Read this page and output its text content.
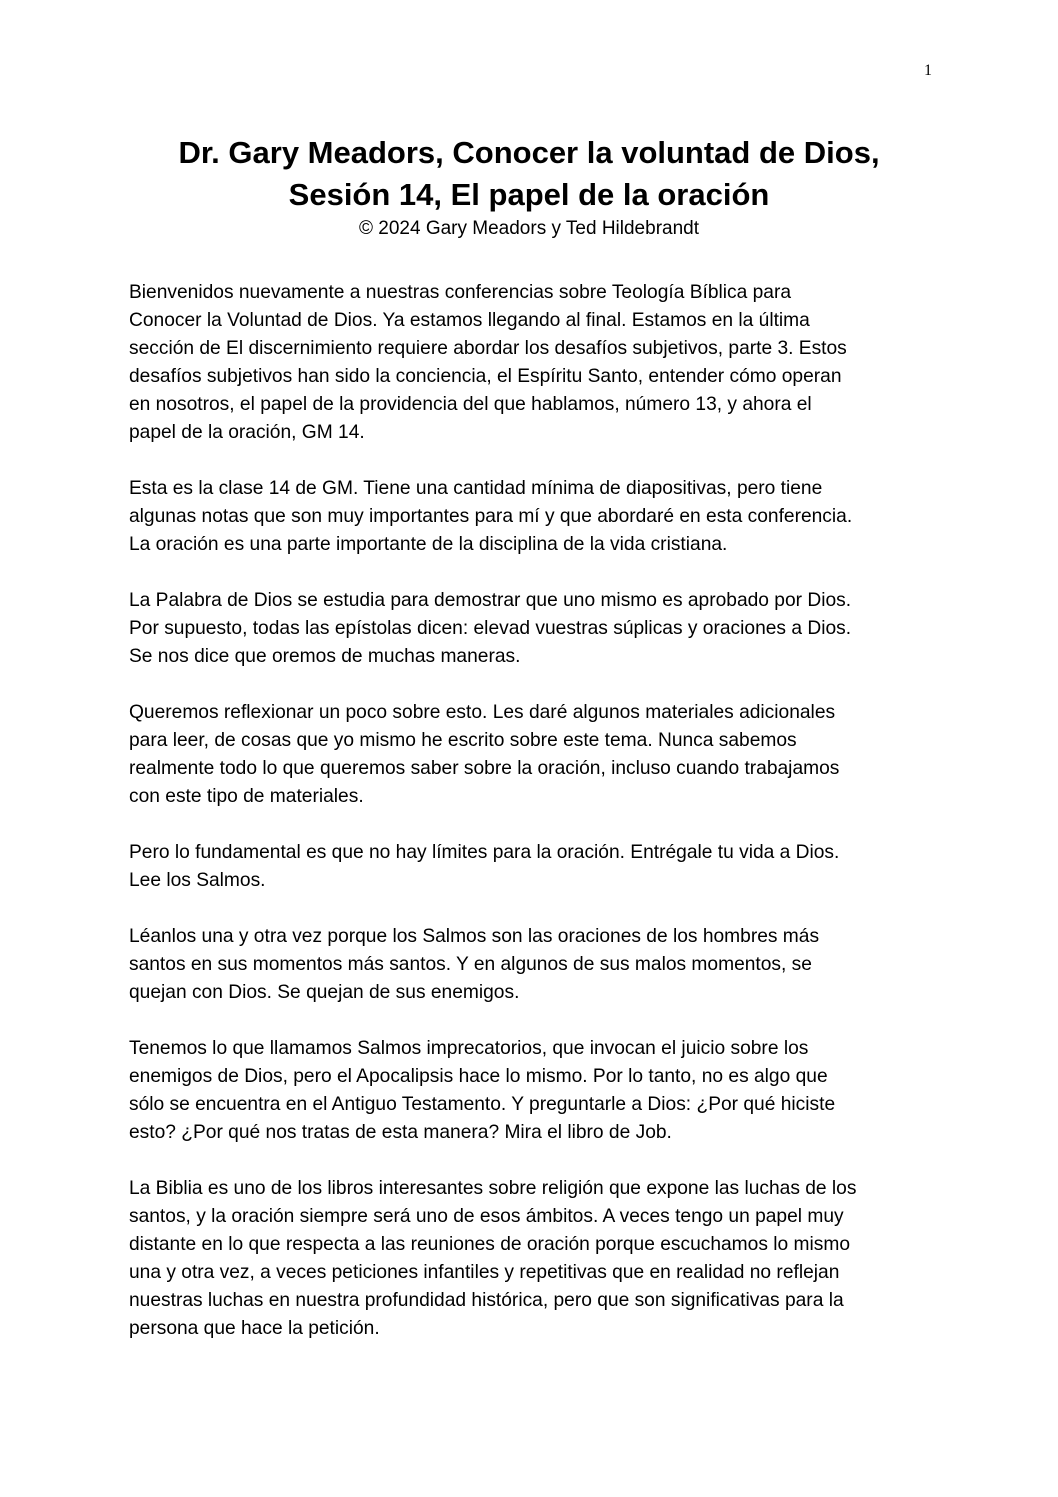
1
Dr. Gary Meadors, Conocer la voluntad de Dios,
Sesión 14, El papel de la oración
© 2024 Gary Meadors y Ted Hildebrandt
Bienvenidos nuevamente a nuestras conferencias sobre Teología Bíblica para
Conocer la Voluntad de Dios. Ya estamos llegando al final. Estamos en la última
sección de El discernimiento requiere abordar los desafíos subjetivos, parte 3. Estos
desafíos subjetivos han sido la conciencia, el Espíritu Santo, entender cómo operan
en nosotros, el papel de la providencia del que hablamos, número 13, y ahora el
papel de la oración, GM 14.
Esta es la clase 14 de GM. Tiene una cantidad mínima de diapositivas, pero tiene
algunas notas que son muy importantes para mí y que abordaré en esta conferencia.
La oración es una parte importante de la disciplina de la vida cristiana.
La Palabra de Dios se estudia para demostrar que uno mismo es aprobado por Dios.
Por supuesto, todas las epístolas dicen: elevad vuestras súplicas y oraciones a Dios.
Se nos dice que oremos de muchas maneras.
Queremos reflexionar un poco sobre esto. Les daré algunos materiales adicionales
para leer, de cosas que yo mismo he escrito sobre este tema. Nunca sabemos
realmente todo lo que queremos saber sobre la oración, incluso cuando trabajamos
con este tipo de materiales.
Pero lo fundamental es que no hay límites para la oración. Entrégale tu vida a Dios.
Lee los Salmos.
Léanlos una y otra vez porque los Salmos son las oraciones de los hombres más
santos en sus momentos más santos. Y en algunos de sus malos momentos, se
quejan con Dios. Se quejan de sus enemigos.
Tenemos lo que llamamos Salmos imprecatorios, que invocan el juicio sobre los
enemigos de Dios, pero el Apocalipsis hace lo mismo. Por lo tanto, no es algo que
sólo se encuentra en el Antiguo Testamento. Y preguntarle a Dios: ¿Por qué hiciste
esto? ¿Por qué nos tratas de esta manera? Mira el libro de Job.
La Biblia es uno de los libros interesantes sobre religión que expone las luchas de los
santos, y la oración siempre será uno de esos ámbitos. A veces tengo un papel muy
distante en lo que respecta a las reuniones de oración porque escuchamos lo mismo
una y otra vez, a veces peticiones infantiles y repetitivas que en realidad no reflejan
nuestras luchas en nuestra profundidad histórica, pero que son significativas para la
persona que hace la petición.
